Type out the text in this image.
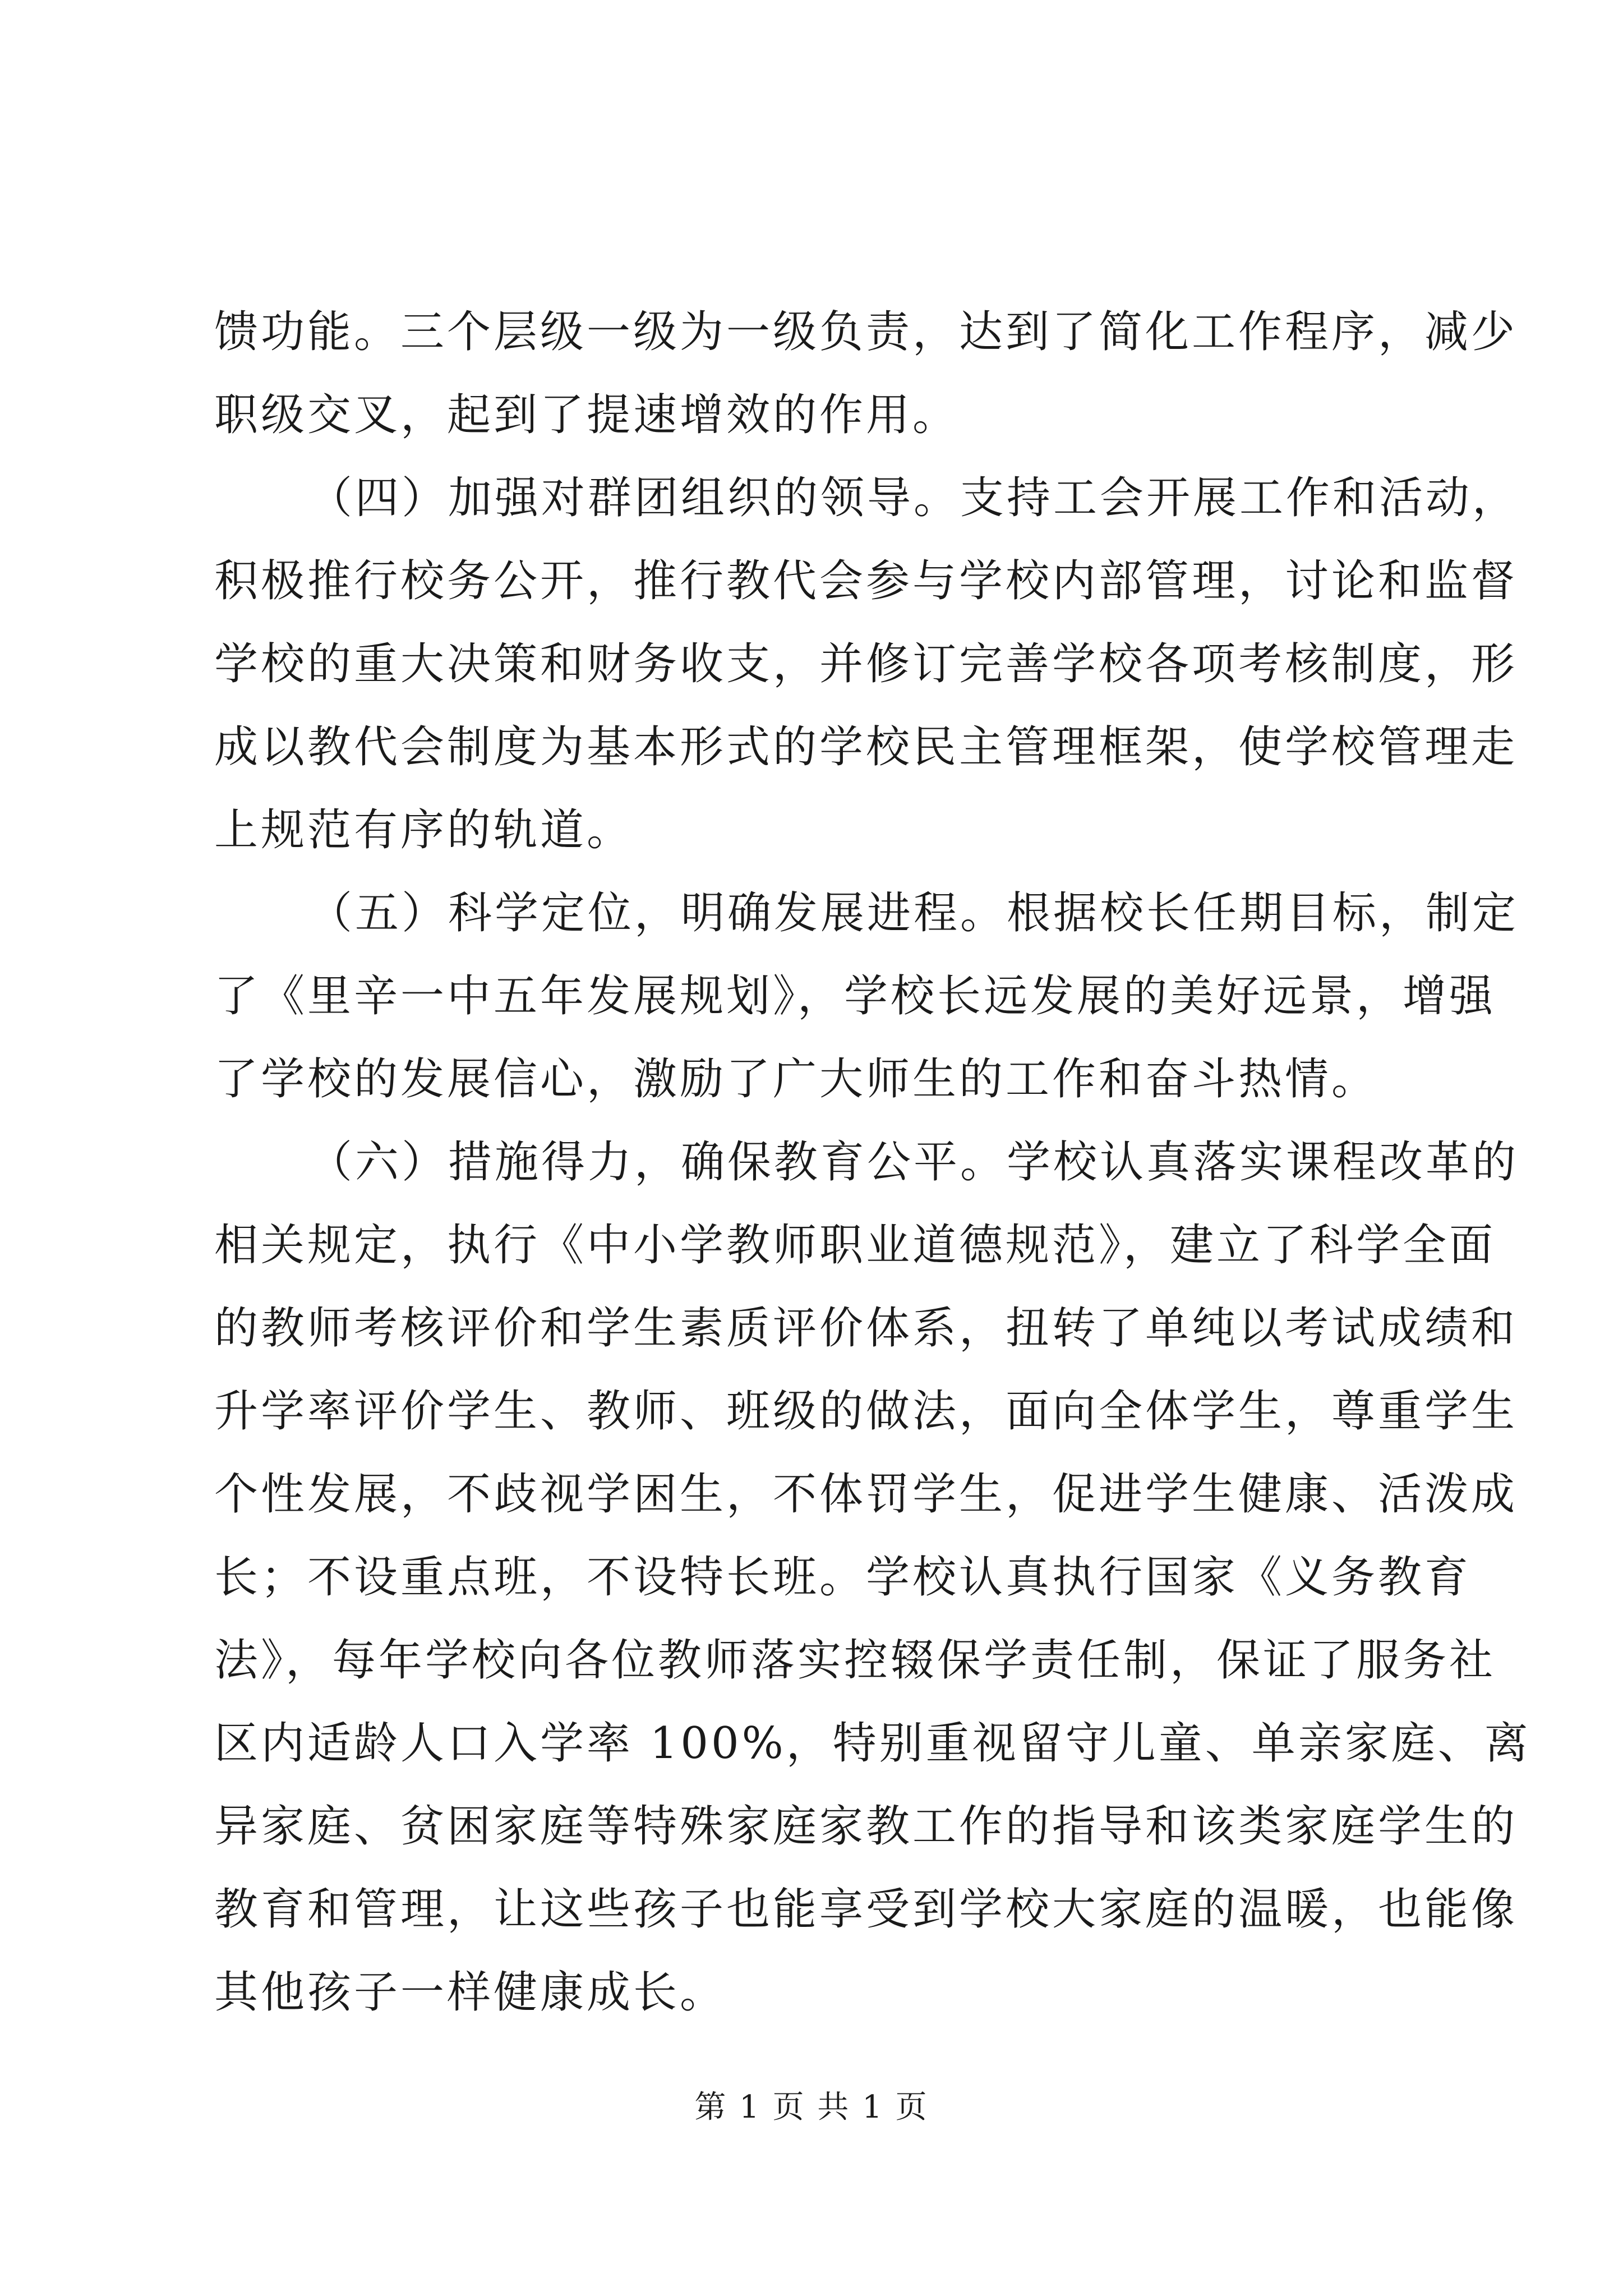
馈功能。三个层级一级为一级负责，达到了简化工作程序，减少
职级交叉，起到了提速增效的作用。
（四）加强对群团组织的领导。支持工会开展工作和活动，
积极推行校务公开，推行教代会参与学校内部管理，讨论和监督
学校的重大决策和财务收支，并修订完善学校各项考核制度，形
成以教代会制度为基本形式的学校民主管理框架，使学校管理走
上规范有序的轨道。
（五）科学定位，明确发展进程。根据校长任期目标，制定
了《里辛一中五年发展规划》，学校长远发展的美好远景，增强
了学校的发展信心，激励了广大师生的工作和奋斗热情。
（六）措施得力，确保教育公平。学校认真落实课程改革的
相关规定，执行《中小学教师职业道德规范》，建立了科学全面
的教师考核评价和学生素质评价体系，扭转了单纯以考试成绩和
升学率评价学生、教师、班级的做法，面向全体学生，尊重学生
个性发展，不歧视学困生，不体罚学生，促进学生健康、活泼成
长；不设重点班，不设特长班。学校认真执行国家《义务教育
法》，每年学校向各位教师落实控辍保学责任制，保证了服务社
区内适龄人口入学率 100%，特别重视留守儿童、单亲家庭、离
异家庭、贫困家庭等特殊家庭家教工作的指导和该类家庭学生的
教育和管理，让这些孩子也能享受到学校大家庭的温暖，也能像
其他孩子一样健康成长。
第 1 页 共 1 页
